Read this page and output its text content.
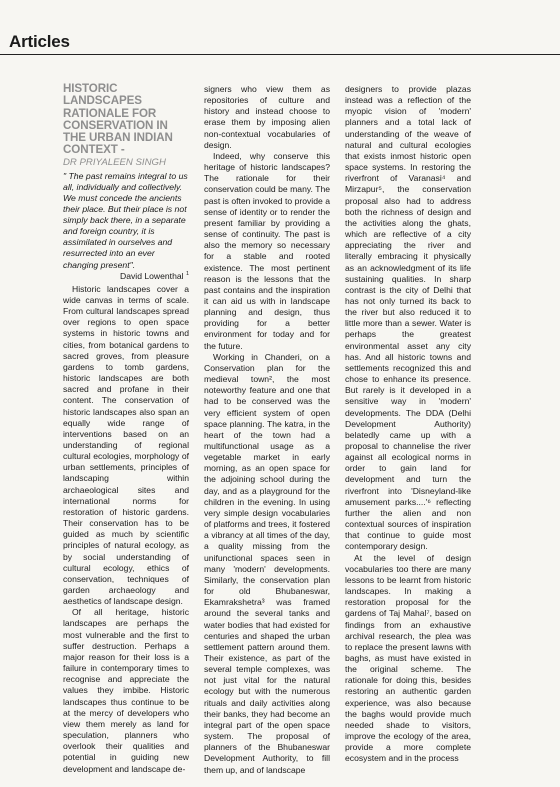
Articles
HISTORIC
LANDSCAPES
RATIONALE FOR
CONSERVATION IN
THE URBAN INDIAN
CONTEXT -
DR PRIYALEEN SINGH

" The past remains integral to us all, individually and collectively. We must concede the ancients their place. But their place is not simply back there, in a separate and foreign country, it is assimilated in ourselves and resurrected into an ever changing present".

David Lowenthal $^1$

Historic landscapes cover a wide canvas in terms of scale. From cultural landscapes spread over regions to open space systems in historic towns and cities, from botanical gardens to sacred groves, from pleasure gardens to tomb gardens, historic landscapes are both sacred and profane in their content. The conservation of historic landscapes also span an equally wide range of interventions based on an understanding of regional cultural ecologies, morphology of urban settlements, principles of landscaping within archaeological sites and international norms for restoration of historic gardens. Their conservation has to be guided as much by scientific principles of natural ecology, as by social understanding of cultural ecology, ethics of conservation, techniques of garden archaeology and aesthetics of landscape design.

Of all heritage, historic landscapes are perhaps the most vulnerable and the first to suffer destruction. Perhaps a major reason for their loss is a failure in contemporary times to recognise and appreciate the values they imbibe. Historic landscapes thus continue to be at the mercy of developers who view them merely as land for speculation, planners who overlook their qualities and potential in guiding new development and landscape de-

signers who view them as repositories of culture and history and instead choose to erase them by imposing alien non-contextual vocabularies of design.

Indeed, why conserve this heritage of historic landscapes? The rationale for their conservation could be many. The past is often invoked to provide a sense of identity or to render the present familiar by providing a sense of continuity. The past is also the memory so necessary for a stable and rooted existence. The most pertinent reason is the lessons that the past contains and the inspiration it can aid us with in landscape planning and design, thus providing for a better environment for today and for the future.

Working in Chanderi, on a Conservation plan for the medieval town², the most noteworthy feature and one that had to be conserved was the very efficient system of open space planning. The katra, in the heart of the town had a multifunctional usage as a vegetable market in early morning, as an open space for the adjoining school during the day, and as a playground for the children in the evening. In using very simple design vocabularies of platforms and trees, it fostered a vibrancy at all times of the day, a quality missing from the unifunctional spaces seen in many 'modern' developments. Similarly, the conservation plan for old Bhubaneswar, Ekamrakshetra³ was framed around the several tanks and water bodies that had existed for centuries and shaped the urban settlement pattern around them. Their existence, as part of the several temple complexes, was not just vital for the natural ecology but with the numerous rituals and daily activities along their banks, they had become an integral part of the open space system. The proposal of planners of the Bhubaneswar Development Authority, to fill them up, and of landscape

designers to provide plazas instead was a reflection of the myopic vision of 'modern' planners and a total lack of understanding of the weave of natural and cultural ecologies that exists inmost historic open space systems. In restoring the riverfront of Varanasi⁴ and Mirzapur⁵, the conservation proposal also had to address both the richness of design and the activities along the ghats, which are reflective of a city appreciating the river and literally embracing it physically as an acknowledgment of its life sustaining qualities. In sharp contrast is the city of Delhi that has not only turned its back to the river but also reduced it to little more than a sewer. Water is perhaps the greatest environmental asset any city has. And all historic towns and settlements recognized this and chose to enhance its presence. But rarely is it developed in a sensitive way in 'modern' developments. The DDA (Delhi Development Authority) belatedly came up with a proposal to channelise the river against all ecological norms in order to gain land for development and turn the riverfront into 'Disneyland-like amusement parks....'⁶ reflecting further the alien and non contextual sources of inspiration that continue to guide most contemporary design.

At the level of design vocabularies too there are many lessons to be learnt from historic landscapes. In making a restoration proposal for the gardens of Taj Mahal⁷, based on findings from an exhaustive archival research, the plea was to replace the present lawns with baghs, as must have existed in the original scheme. The rationale for doing this, besides restoring an authentic garden experience, was also because the baghs would provide much needed shade to visitors, improve the ecology of the area, provide a more complete ecosystem and in the process
